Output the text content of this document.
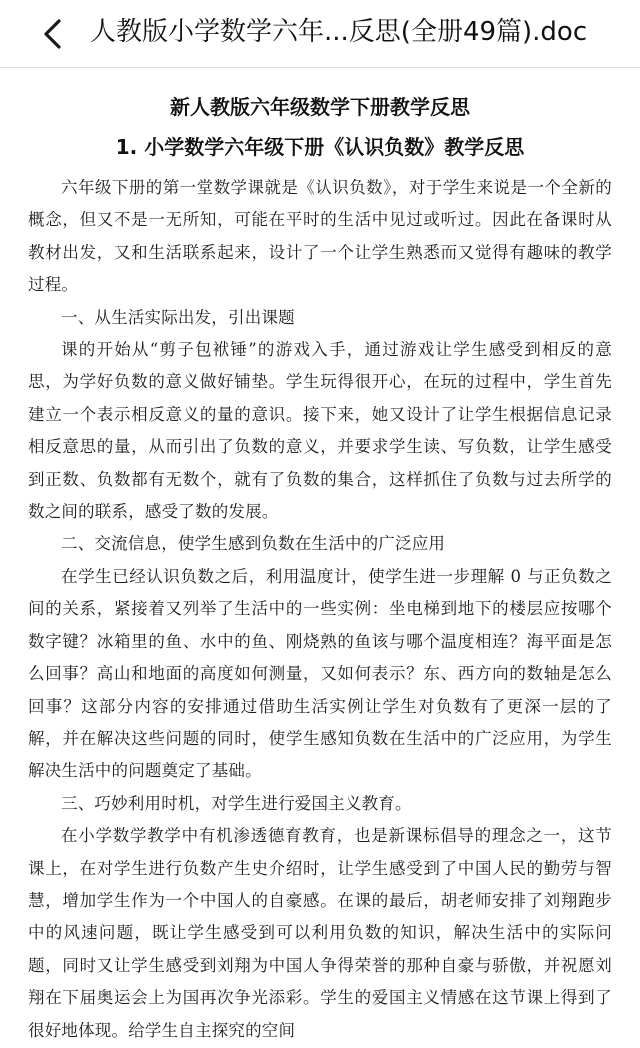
人教版小学数学六年...反思(全册49篇).doc
新人教版六年级数学下册教学反思
1. 小学数学六年级下册《认识负数》教学反思

六年级下册的第一堂数学课就是《认识负数》，对于学生来说是一个全新的概念，但又不是一无所知，可能在平时的生活中见过或听过。因此在备课时从教材出发，又和生活联系起来，设计了一个让学生熟悉而又觉得有趣味的教学过程。

一、从生活实际出发，引出课题

课的开始从“剪子包袱锤”的游戏入手，通过游戏让学生感受到相反的意思，为学好负数的意义做好铺垫。学生玩得很开心，在玩的过程中，学生首先建立一个表示相反意义的量的意识。接下来，她又设计了让学生根据信息记录相反意思的量，从而引出了负数的意义，并要求学生读、写负数，让学生感受到正数、负数都有无数个，就有了负数的集合，这样抓住了负数与过去所学的数之间的联系，感受了数的发展。

二、交流信息，使学生感到负数在生活中的广泛应用

在学生已经认识负数之后，利用温度计，使学生进一步理解 0 与正负数之间的关系，紧接着又列举了生活中的一些实例：坐电梯到地下的楼层应按哪个数字键？冰箱里的鱼、水中的鱼、刚烧熟的鱼该与哪个温度相连？海平面是怎么回事？高山和地面的高度如何测量，又如何表示？东、西方向的数轴是怎么回事？这部分内容的安排通过借助生活实例让学生对负数有了更深一层的了解，并在解决这些问题的同时，使学生感知负数在生活中的广泛应用，为学生解决生活中的问题奠定了基础。

三、巧妙利用时机，对学生进行爱国主义教育。

在小学数学教学中有机渗透德育教育，也是新课标倡导的理念之一，这节课上，在对学生进行负数产生史介绍时，让学生感受到了中国人民的勤劳与智慧，增加学生作为一个中国人的自豪感。在课的最后，胡老师安排了刘翔跑步中的风速问题，既让学生感受到可以利用负数的知识，解决生活中的实际问题，同时又让学生感受到刘翔为中国人争得荣誉的那种自豪与骄傲，并祝愿刘翔在下届奥运会上为国再次争光添彩。学生的爱国主义情感在这节课上得到了很好地体现。给学生自主探究的空间
